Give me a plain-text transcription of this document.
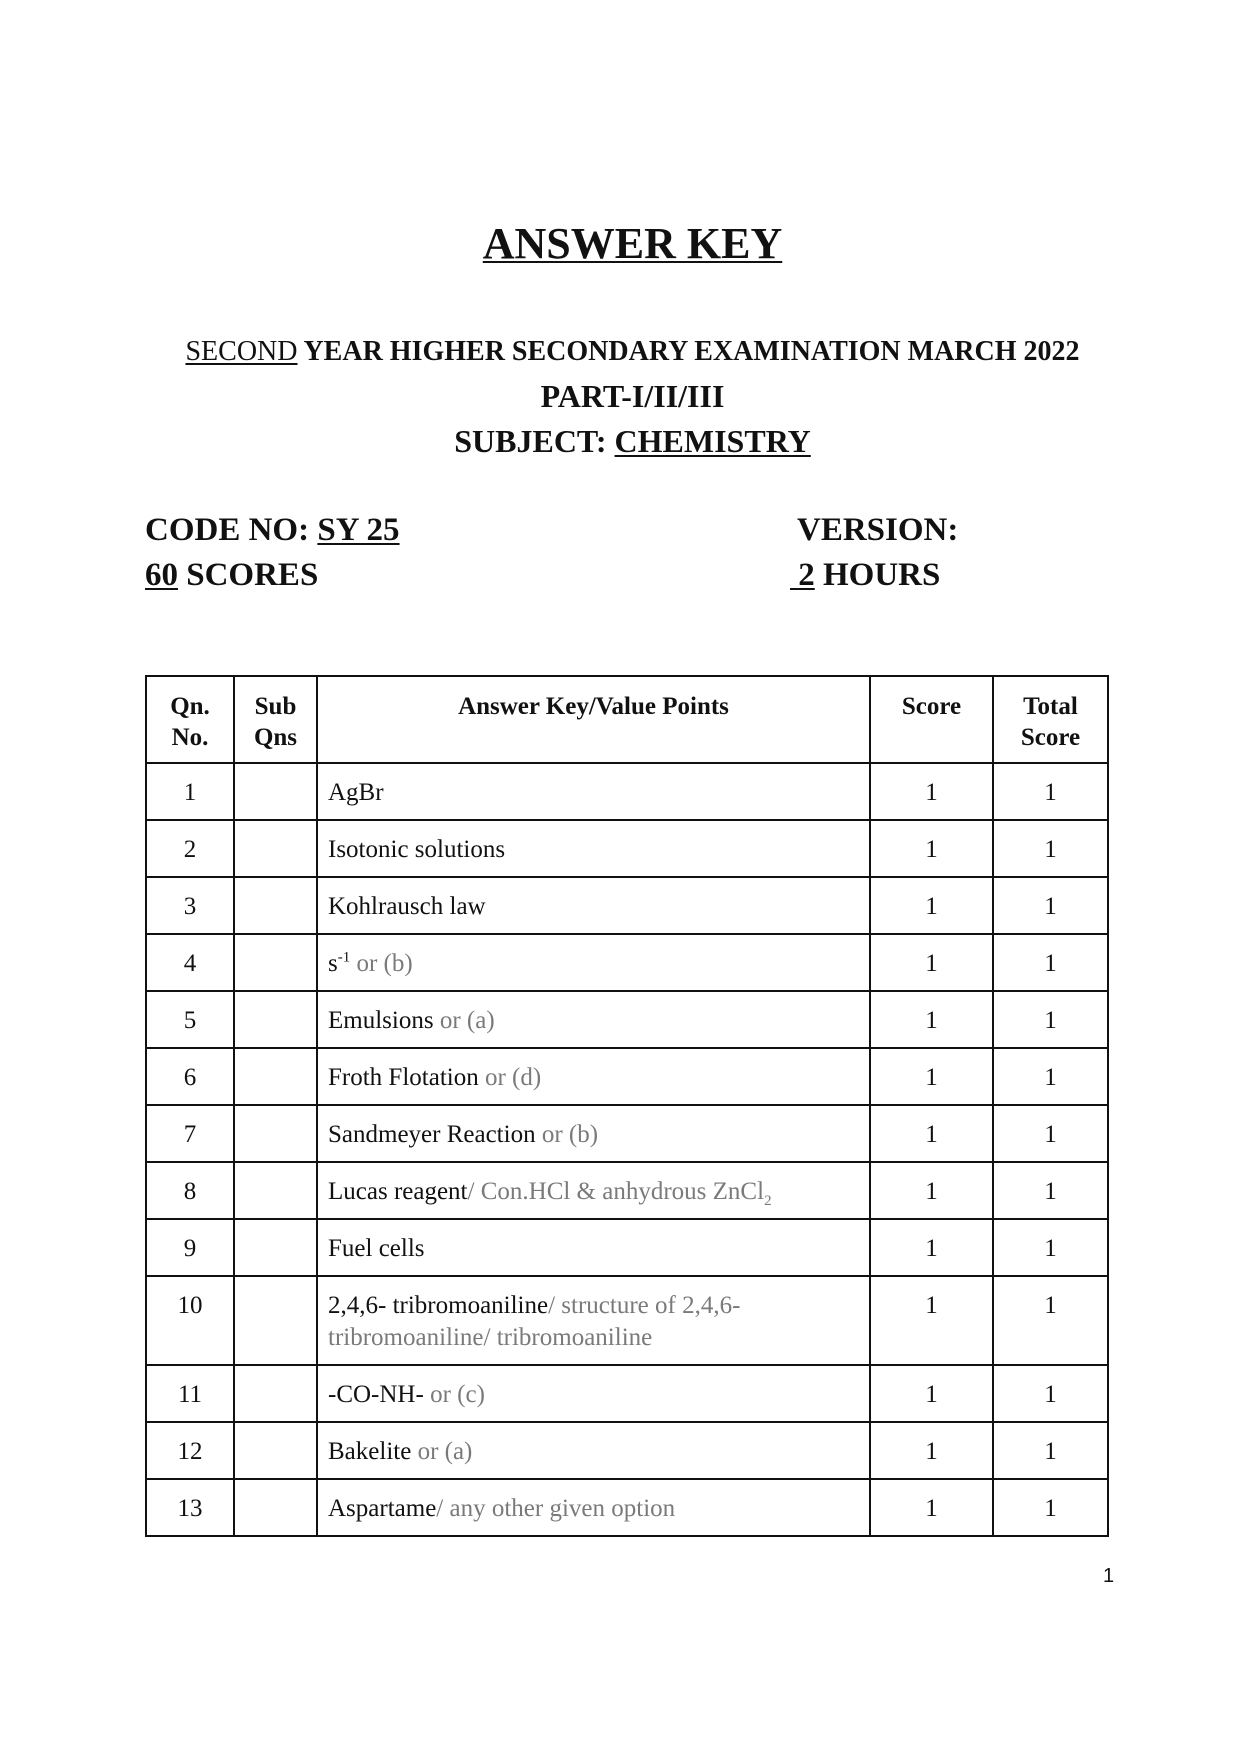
ANSWER KEY
SECOND YEAR HIGHER SECONDARY EXAMINATION MARCH 2022
PART-I/II/III
SUBJECT: CHEMISTRY
CODE NO: SY 25	VERSION:
60 SCORES	2 HOURS
Qn. No.	Sub Qns	Answer Key/Value Points	Score	Total Score
1		AgBr	1	1
2		Isotonic solutions	1	1
3		Kohlrausch law	1	1
4		$s^{-1}$ or (b)	1	1
5		Emulsions or (a)	1	1
6		Froth Flotation or (d)	1	1
7		Sandmeyer Reaction or (b)	1	1
8		Lucas reagent/ Con.HCl & anhydrous ZnCl$_2$	1	1
9		Fuel cells	1	1
10		2,4,6- tribromoaniline/ structure of 2,4,6-tribromoaniline/ tribromoaniline	1	1
11		-CO-NH- or (c)	1	1
12		Bakelite or (a)	1	1
13		Aspartame/ any other given option	1	1
1
